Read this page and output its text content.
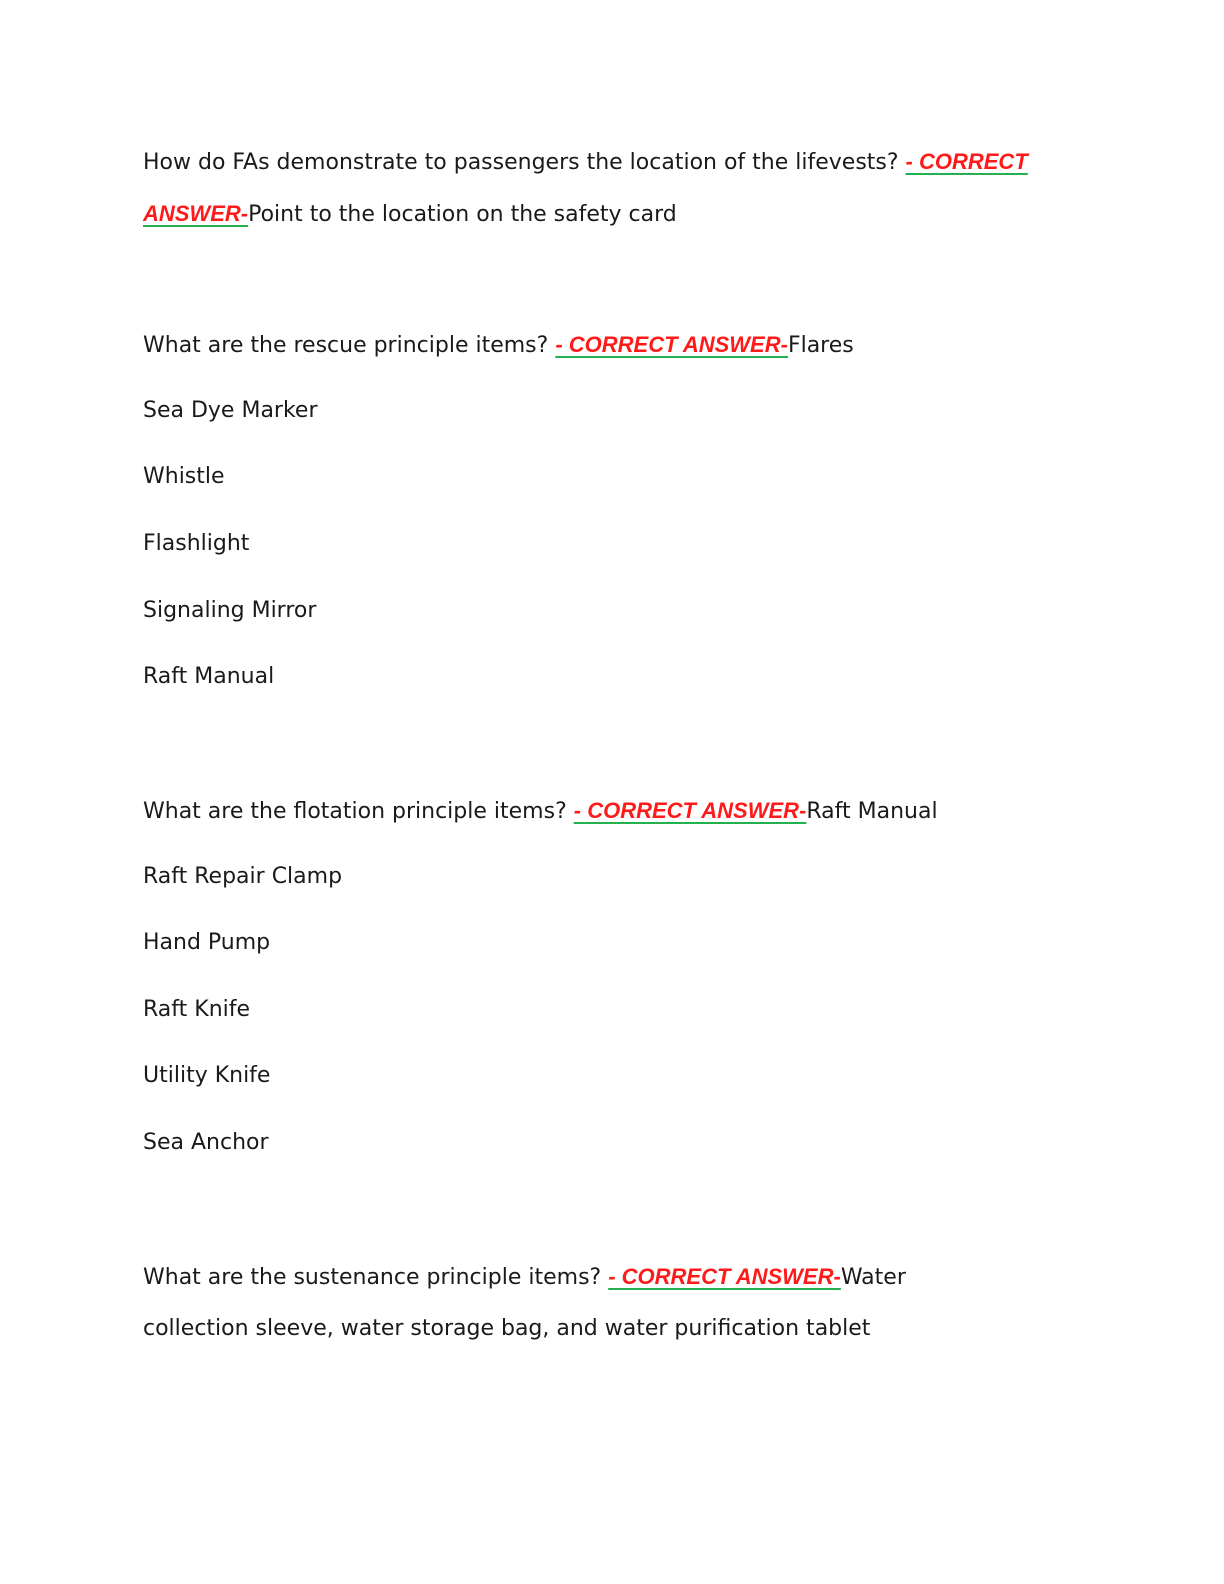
How do FAs demonstrate to passengers the location of the lifevests? - CORRECT ANSWER-Point to the location on the safety card

What are the rescue principle items? - CORRECT ANSWER-Flares

Sea Dye Marker

Whistle

Flashlight

Signaling Mirror

Raft Manual

What are the flotation principle items? - CORRECT ANSWER-Raft Manual

Raft Repair Clamp

Hand Pump

Raft Knife

Utility Knife

Sea Anchor

What are the sustenance principle items? - CORRECT ANSWER-Water collection sleeve, water storage bag, and water purification tablet
